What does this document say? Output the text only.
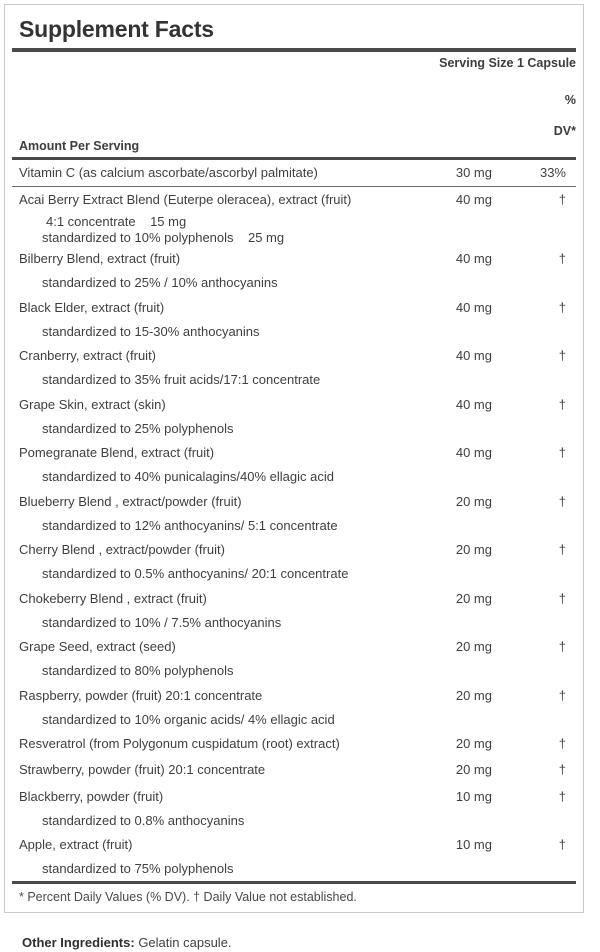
Supplement Facts
Serving Size 1 Capsule
Amount Per Serving

%

DV*

Vitamin C (as calcium ascorbate/ascorbyl palmitate)	30 mg	33%

Acai Berry Extract Blend (Euterpe oleracea), extract (fruit)	40 mg	†
4:1 concentrate    15 mg		
standardized to 10% polyphenols    25 mg		
Bilberry Blend, extract (fruit)	40 mg	†
standardized to 25% / 10% anthocyanins		
Black Elder, extract (fruit)	40 mg	†
standardized to 15-30% anthocyanins		
Cranberry, extract (fruit)	40 mg	†
standardized to 35% fruit acids/17:1 concentrate		
Grape Skin, extract (skin)	40 mg	†
standardized to 25% polyphenols		
Pomegranate Blend, extract (fruit)	40 mg	†
standardized to 40% punicalagins/40% ellagic acid		
Blueberry Blend , extract/powder (fruit)	20 mg	†
standardized to 12% anthocyanins/ 5:1 concentrate		
Cherry Blend , extract/powder (fruit)	20 mg	†
standardized to 0.5% anthocyanins/ 20:1 concentrate		
Chokeberry Blend , extract (fruit)	20 mg	†
standardized to 10% / 7.5% anthocyanins		
Grape Seed, extract (seed)	20 mg	†
standardized to 80% polyphenols		
Raspberry, powder (fruit) 20:1 concentrate	20 mg	†
standardized to 10% organic acids/ 4% ellagic acid		
Resveratrol (from Polygonum cuspidatum (root) extract)	20 mg	†
Strawberry, powder (fruit) 20:1 concentrate	20 mg	†
Blackberry, powder (fruit)	10 mg	†
standardized to 0.8% anthocyanins		
Apple, extract (fruit)	10 mg	†
standardized to 75% polyphenols		
* Percent Daily Values (% DV). † Daily Value not established.
Other Ingredients: Gelatin capsule.
